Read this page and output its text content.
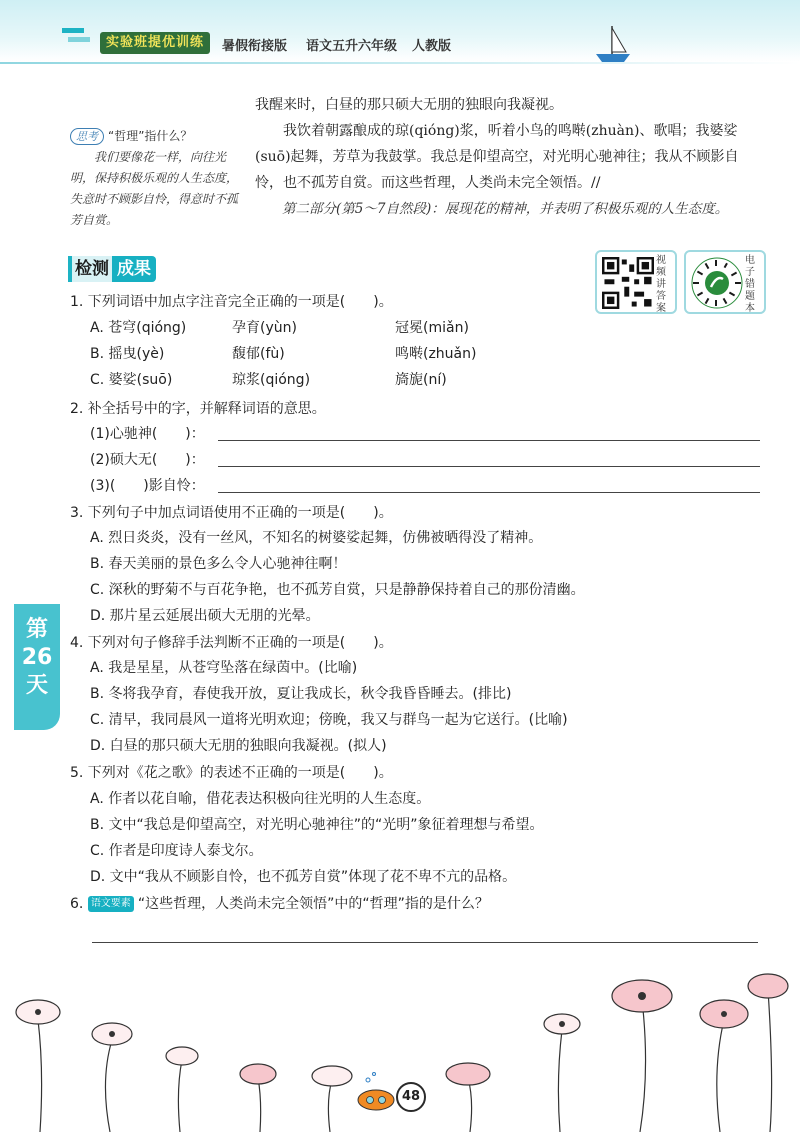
实验班提优训练	暑假衔接版 语文五升六年级 人教版
思考 “哲理”指什么？
我们要像花一样，向往光明，保持积极乐观的人生态度，失意时不顾影自怜，得意时不孤芳自赏。

我醒来时，白昼的那只硕大无朋的独眼向我凝视。

我饮着朝露酿成的琼(qióng)浆，听着小鸟的鸣啭(zhuàn)、歌唱；我婆娑(suō)起舞，芳草为我鼓掌。我总是仰望高空，对光明心驰神往；我从不顾影自怜，也不孤芳自赏。而这些哲理，人类尚未完全领悟。//

第二部分(第5～7自然段)：展现花的精神，并表明了积极乐观的人生态度。

检测 成果	视频讲答案
电子错题本
1. 下列词语中加点字注音完全正确的一项是(　　)。
A. 苍穹(qióng)	孕育(yùn)	冠冕(miǎn)
B. 摇曳(yè)	馥郁(fù)	鸣啭(zhuǎn)
C. 婆娑(suō)	琼浆(qióng)	旖旎(ní)
2. 补全括号中的字，并解释词语的意思。
(1)心驰神(　　)：
(2)硕大无(　　)：
(3)(　　)影自怜：
3. 下列句子中加点词语使用不正确的一项是(　　)。
A. 烈日炎炎，没有一丝风，不知名的树婆娑起舞，仿佛被晒得没了精神。
B. 春天美丽的景色多么令人心驰神往啊！
C. 深秋的野菊不与百花争艳，也不孤芳自赏，只是静静保持着自己的那份清幽。
D. 那片星云延展出硕大无朋的光晕。
4. 下列对句子修辞手法判断不正确的一项是(　　)。
A. 我是星星，从苍穹坠落在绿茵中。(比喻)
B. 冬将我孕育，春使我开放，夏让我成长，秋令我昏昏睡去。(排比)
C. 清早，我同晨风一道将光明欢迎；傍晚，我又与群鸟一起为它送行。(比喻)
D. 白昼的那只硕大无朋的独眼向我凝视。(拟人)
5. 下列对《花之歌》的表述不正确的一项是(　　)。
A. 作者以花自喻，借花表达积极向往光明的人生态度。
B. 文中“我总是仰望高空，对光明心驰神往”的“光明”象征着理想与希望。
C. 作者是印度诗人泰戈尔。
D. 文中“我从不顾影自怜，也不孤芳自赏”体现了花不卑不亢的品格。
6. 语文要素 “这些哲理，人类尚未完全领悟”中的“哲理”指的是什么？
第
26
天
48
